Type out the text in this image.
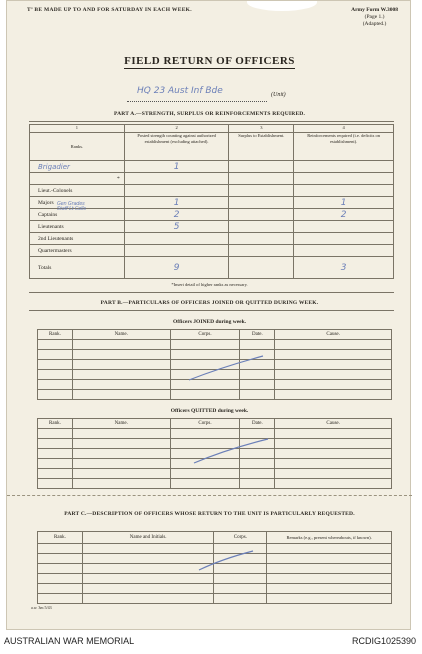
T’ BE MADE UP TO AND FOR SATURDAY IN EACH WEEK.	Army Form W.3008
(Page 1.)
(Adapted.)
FIELD RETURN OF OFFICERS
HQ 23 Aust Inf Bde	(Unit)
PART A.—STRENGTH, SURPLUS OR REINFORCEMENTS REQUIRED.
1	2	3	4
Ranks.	Posted strength counting against authorized establishment (excluding attached).	Surplus to Establishment.	Reinforcements required (i.e. deficits on establishment).
Brigadier	1		
*			
Lieut.-Colonels			
Majors	1		1
Captains	2		2
Lieutenants	5		
2nd Lieutenants			
Quartermasters			
Totals	9		3
Gen Grades Staff Lt Colls
*Insert detail of higher ranks as necessary.
PART B.—PARTICULARS OF OFFICERS JOINED OR QUITTED DURING WEEK.
Officers JOINED during week.
Rank.	Name.	Corps.	Date.	Cause.

Officers QUITTED during week.
Rank.	Name.	Corps.	Date.	Cause.

PART C.—DESCRIPTION OF OFFICERS WHOSE RETURN TO THE UNIT IS PARTICULARLY REQUESTED.
Rank.	Name and Initials.	Corps.	Remarks (e.g., present whereabouts, if known).

a.w. 3m 5/43
AUSTRALIAN WAR MEMORIAL	RCDIG1025390
